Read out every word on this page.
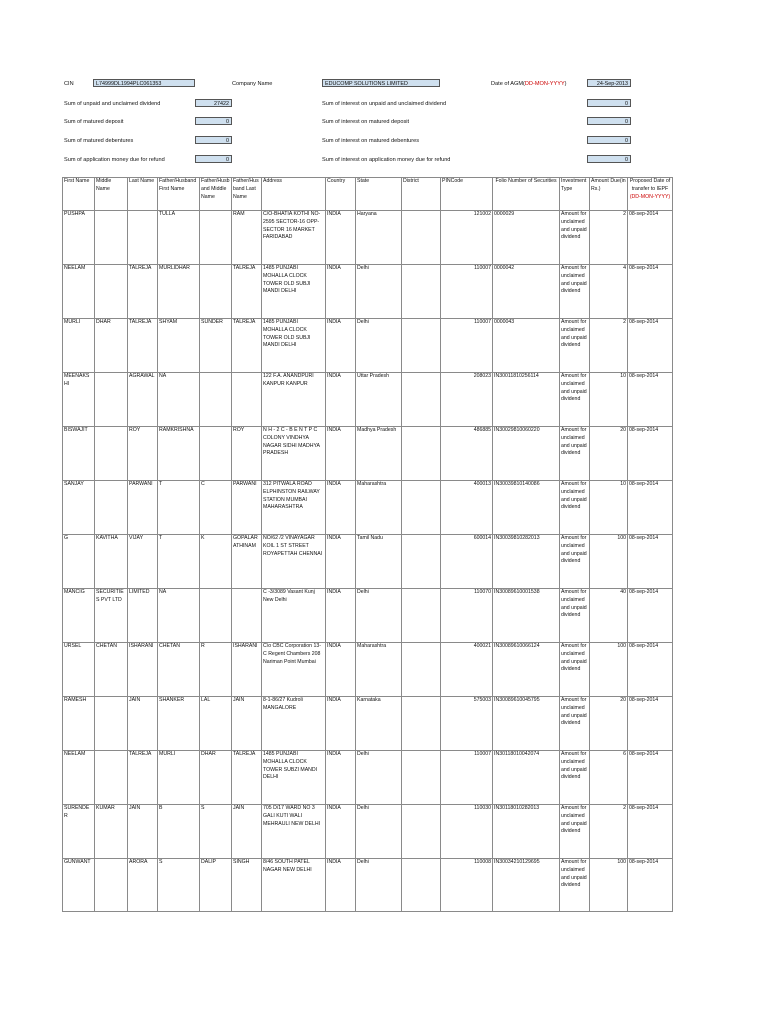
CIN	L74999DL1994PLC061353	Company Name	EDUCOMP SOLUTIONS LIMITED	Date of AGM(DD-MON-YYYY)	24-Sep-2013
Sum of unpaid and unclaimed dividend	27422	Sum of interest on unpaid and unclaimed dividend	0
Sum of matured deposit	0	Sum of interest on matured deposit	0
Sum of matured debentures	0	Sum of interest on matured debentures	0
Sum of application money due for refund	0	Sum of interest on application money due for refund	0
First Name	Middle Name	Last Name	Father/Husband First Name	Father/Husband Middle Name	Father/Husband Last Name	Address	Country	State	District	PINCode	Folio Number of Securities	Investment Type	Amount Due(in Rs.)	Proposed Date of transfer to IEPF (DD-MON-YYYY)
PUSHPA			TULLA		RAM	C/O-BHATIA KOTHI NO-2595 SECTOR-16 OPP-SECTOR 16 MARKET FARIDABAD	INDIA	Haryana		121002	0000029	Amount for unclaimed and unpaid dividend	2	08-sep-2014
NEELAM		TALREJA	MURLIDHAR		TALREJA	1485 PUNJABI MOHALLA CLOCK TOWER OLD SUBJI MANDI DELHI	INDIA	Delhi		110007	0000042	Amount for unclaimed and unpaid dividend	4	08-sep-2014
MURLI	DHAR	TALREJA	SHYAM	SUNDER	TALREJA	1485 PUNJABI MOHALLA CLOCK TOWER OLD SUBJI MANDI DELHI	INDIA	Delhi		110007	0000043	Amount for unclaimed and unpaid dividend	2	08-sep-2014
MEENAKSHI		AGRAWAL	NA			122 F.A. ANANDPURI KANPUR KANPUR	INDIA	Uttar Pradesh		208023	IN30011810256114	Amount for unclaimed and unpaid dividend	10	08-sep-2014
BISWAJIT		ROY	RAMKRISHNA		ROY	N H - 2 C - B E N T P C COLONY VINDHYA NAGAR SIDHI MADHYA PRADESH	INDIA	Madhya Pradesh		486885	IN30029810060220	Amount for unclaimed and unpaid dividend	20	08-sep-2014
SANJAY		PARWANI	T	C	PARWANI	312 PITWALA ROAD ELPHINSTON RAILWAY STATION MUMBAI MAHARASHTRA	INDIA	Maharashtra		400013	IN30039810140086	Amount for unclaimed and unpaid dividend	10	08-sep-2014
G	KAVITHA	VIJAY	T	K	GOPALARATHINAM	NO/62 /2 VINAYAGAR KOIL 1 ST STREET ROYAPETTAH CHENNAI	INDIA	Tamil Nadu		600014	IN30039810282013	Amount for unclaimed and unpaid dividend	100	08-sep-2014
MANCIG	SECURITIES PVT LTD	LIMITED	NA			C -3/3089 Vasant Kunj New Delhi	INDIA	Delhi		110070	IN30089610001538	Amount for unclaimed and unpaid dividend	40	08-sep-2014
URSEL	CHETAN	ISHARANI	CHETAN	R	ISHARANI	C\o CBC Corporation 13-C Regent Chambers 208 Nariman Point Mumbai	INDIA	Maharashtra		400021	IN30089610066124	Amount for unclaimed and unpaid dividend	100	08-sep-2014
RAMESH		JAIN	SHANKER	LAL	JAIN	8-1-86/27 Kudroli MANGALORE	INDIA	Karnataka		575003	IN30089610045795	Amount for unclaimed and unpaid dividend	20	08-sep-2014
NEELAM		TALREJA	MURLI	DHAR	TALREJA	1485 PUNJABI MOHALLA CLOCK TOWER SUBZI MANDI DELHI	INDIA	Delhi		110007	IN30118010042074	Amount for unclaimed and unpaid dividend	6	08-sep-2014
SURENDER	KUMAR	JAIN	B	S	JAIN	705 D/17 WARD NO 3 GALI KUTI WALI MEHRAULI NEW DELHI	INDIA	Delhi		110030	IN30118010282013	Amount for unclaimed and unpaid dividend	2	08-sep-2014
GUNWANT		ARORA	S	DALIP	SINGH	8/46 SOUTH PATEL NAGAR NEW DELHI	INDIA	Delhi		110008	IN30034210129695	Amount for unclaimed and unpaid dividend	100	08-sep-2014
